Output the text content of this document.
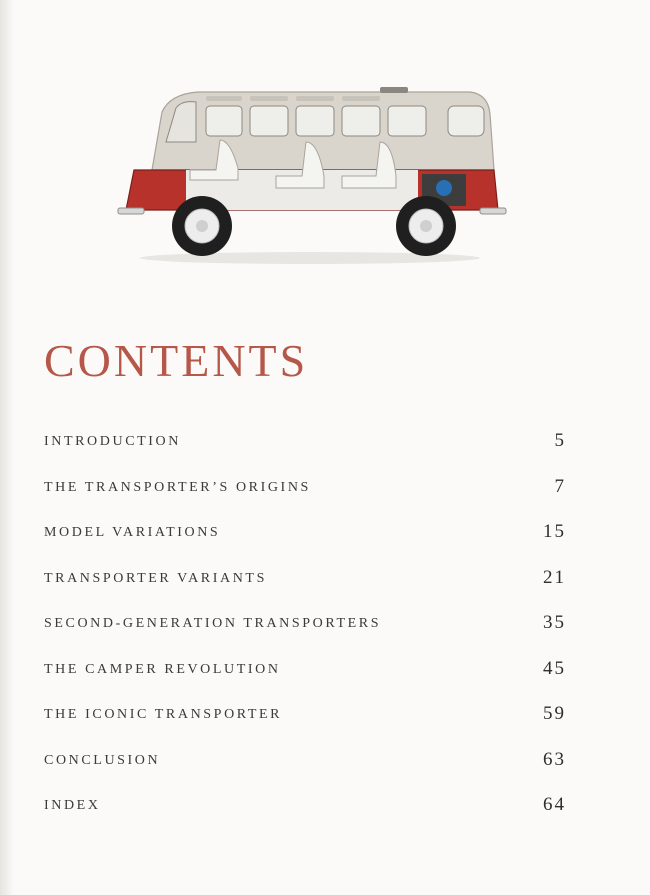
CONTENTS
INTRODUCTION	5
THE TRANSPORTER’S ORIGINS	7
MODEL VARIATIONS	15
TRANSPORTER VARIANTS	21
SECOND-GENERATION TRANSPORTERS	35
THE CAMPER REVOLUTION	45
THE ICONIC TRANSPORTER	59
CONCLUSION	63
INDEX	64
